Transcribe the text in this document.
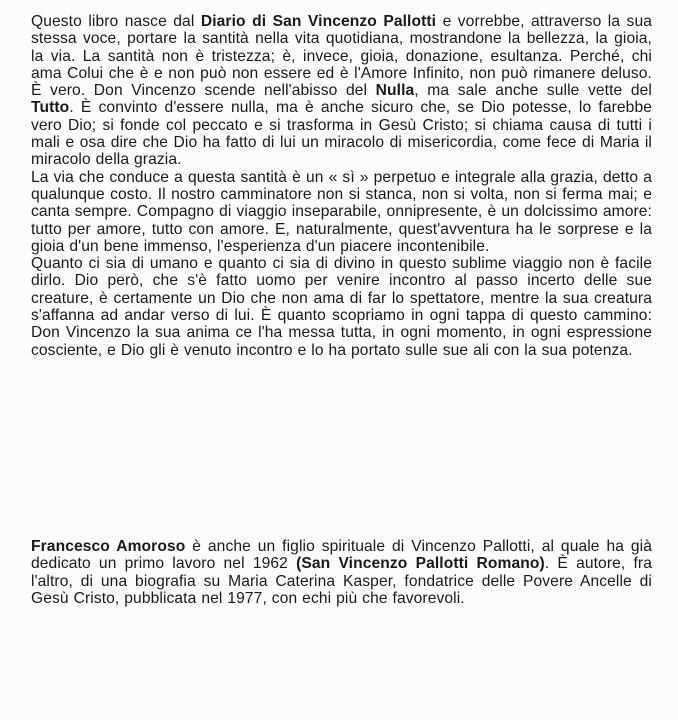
Questo libro nasce dal Diario di San Vincenzo Pallotti e vorrebbe, attraverso la sua stessa voce, portare la santità nella vita quotidiana, mostrandone la bellezza, la gioia, la via. La santità non è tristezza; è, invece, gioia, donazione, esultanza. Perché, chi ama Colui che è e non può non essere ed è l'Amore Infinito, non può rimanere deluso. È vero. Don Vincenzo scende nell'abisso del Nulla, ma sale anche sulle vette del Tutto. È convinto d'essere nulla, ma è anche sicuro che, se Dio potesse, lo farebbe vero Dio; si fonde col peccato e si trasforma in Gesù Cristo; si chiama causa di tutti i mali e osa dire che Dio ha fatto di lui un miracolo di misericordia, come fece di Maria il miracolo della grazia.

La via che conduce a questa santità è un « sì » perpetuo e integrale alla grazia, detto a qualunque costo. Il nostro camminatore non si stanca, non si volta, non si ferma mai; e canta sempre. Compagno di viaggio inseparabile, onnipresente, è un dolcissimo amore: tutto per amore, tutto con amore. E, naturalmente, quest'avventura ha le sorprese e la gioia d'un bene immenso, l'esperienza d'un piacere incontenibile.

Quanto ci sia di umano e quanto ci sia di divino in questo sublime viaggio non è facile dirlo. Dio però, che s'è fatto uomo per venire incontro al passo incerto delle sue creature, è certamente un Dio che non ama di far lo spettatore, mentre la sua creatura s'affanna ad andar verso di lui. È quanto scopriamo in ogni tappa di questo cammino: Don Vincenzo la sua anima ce l'ha messa tutta, in ogni momento, in ogni espressione cosciente, e Dio gli è venuto incontro e lo ha portato sulle sue ali con la sua potenza.

Francesco Amoroso è anche un figlio spirituale di Vincenzo Pallotti, al quale ha già dedicato un primo lavoro nel 1962 (San Vincenzo Pallotti Romano). È autore, fra l'altro, di una biografia su Maria Caterina Kasper, fondatrice delle Povere Ancelle di Gesù Cristo, pubblicata nel 1977, con echi più che favorevoli.
